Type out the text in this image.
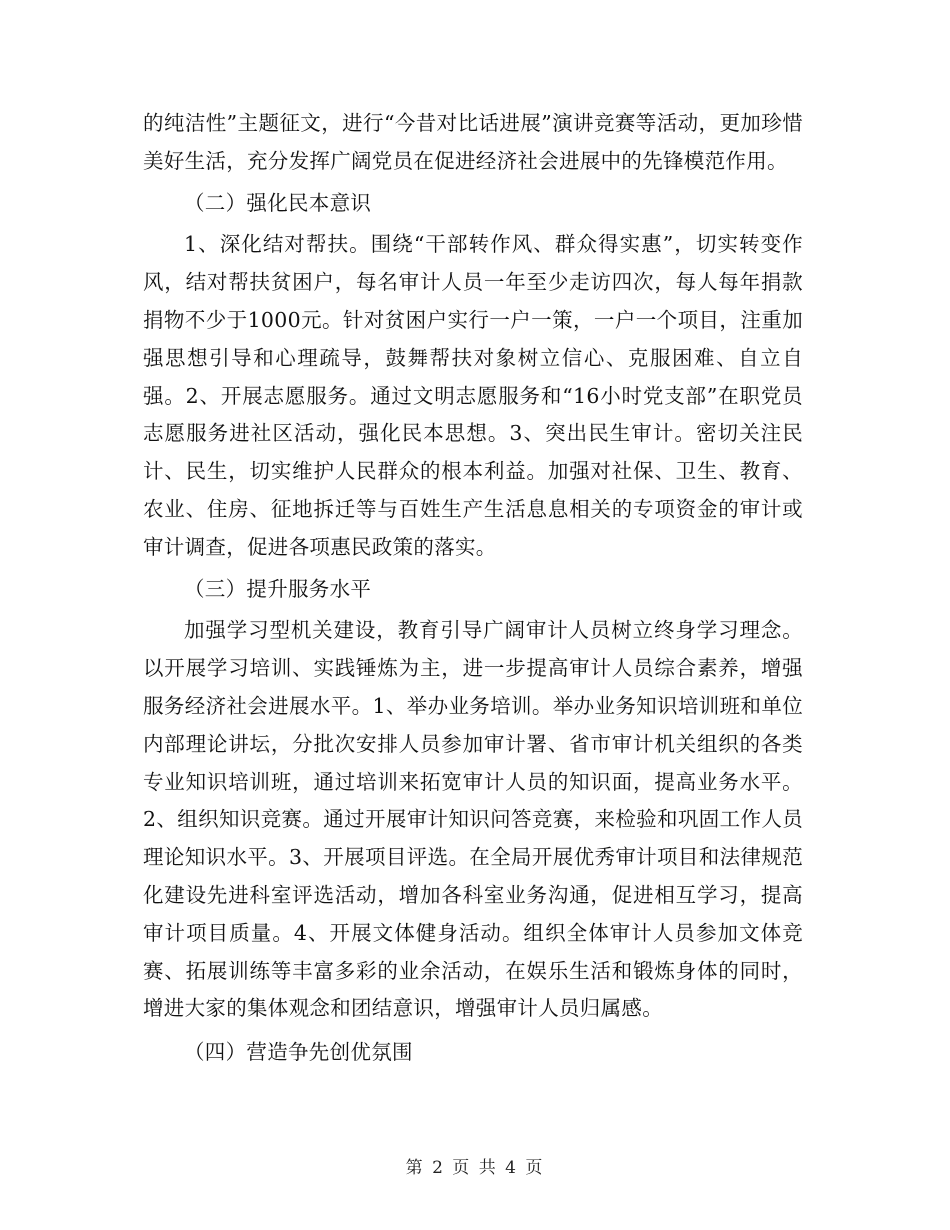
的纯洁性”主题征文，进行“今昔对比话进展”演讲竞赛等活动，更加珍惜美好生活，充分发挥广阔党员在促进经济社会进展中的先锋模范作用。

（二）强化民本意识

1、深化结对帮扶。围绕“干部转作风、群众得实惠”，切实转变作风，结对帮扶贫困户，每名审计人员一年至少走访四次，每人每年捐款捐物不少于1000元。针对贫困户实行一户一策，一户一个项目，注重加强思想引导和心理疏导，鼓舞帮扶对象树立信心、克服困难、自立自强。2、开展志愿服务。通过文明志愿服务和“16小时党支部”在职党员志愿服务进社区活动，强化民本思想。3、突出民生审计。密切关注民计、民生，切实维护人民群众的根本利益。加强对社保、卫生、教育、农业、住房、征地拆迁等与百姓生产生活息息相关的专项资金的审计或审计调查，促进各项惠民政策的落实。

（三）提升服务水平

加强学习型机关建设，教育引导广阔审计人员树立终身学习理念。以开展学习培训、实践锤炼为主，进一步提高审计人员综合素养，增强服务经济社会进展水平。1、举办业务培训。举办业务知识培训班和单位内部理论讲坛，分批次安排人员参加审计署、省市审计机关组织的各类专业知识培训班，通过培训来拓宽审计人员的知识面，提高业务水平。2、组织知识竞赛。通过开展审计知识问答竞赛，来检验和巩固工作人员理论知识水平。3、开展项目评选。在全局开展优秀审计项目和法律规范化建设先进科室评选活动，增加各科室业务沟通，促进相互学习，提高审计项目质量。4、开展文体健身活动。组织全体审计人员参加文体竞赛、拓展训练等丰富多彩的业余活动，在娱乐生活和锻炼身体的同时，增进大家的集体观念和团结意识，增强审计人员归属感。

（四）营造争先创优氛围

第 2 页 共 4 页
